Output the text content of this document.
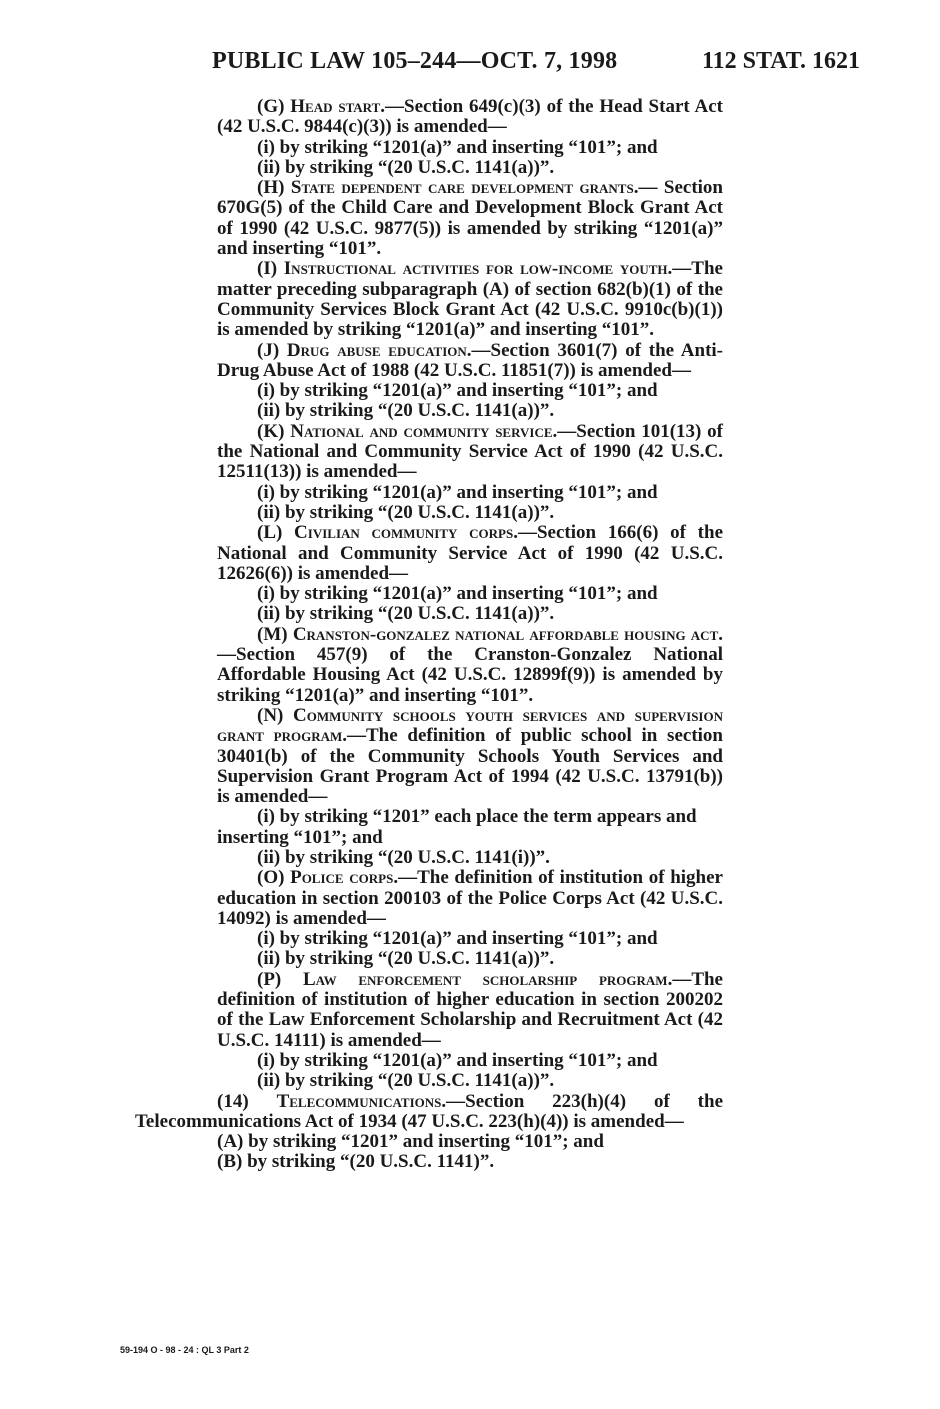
PUBLIC LAW 105–244—OCT. 7, 1998	112 STAT. 1621

(G) Head start.—Section 649(c)(3) of the Head Start Act (42 U.S.C. 9844(c)(3)) is amended—

(i) by striking “1201(a)” and inserting “101”; and

(ii) by striking “(20 U.S.C. 1141(a))”.

(H) State dependent care development grants.— Section 670G(5) of the Child Care and Development Block Grant Act of 1990 (42 U.S.C. 9877(5)) is amended by striking “1201(a)” and inserting “101”.

(I) Instructional activities for low-income youth.—The matter preceding subparagraph (A) of section 682(b)(1) of the Community Services Block Grant Act (42 U.S.C. 9910c(b)(1)) is amended by striking “1201(a)” and inserting “101”.

(J) Drug abuse education.—Section 3601(7) of the Anti-Drug Abuse Act of 1988 (42 U.S.C. 11851(7)) is amended—

(i) by striking “1201(a)” and inserting “101”; and

(ii) by striking “(20 U.S.C. 1141(a))”.

(K) National and community service.—Section 101(13) of the National and Community Service Act of 1990 (42 U.S.C. 12511(13)) is amended—

(i) by striking “1201(a)” and inserting “101”; and

(ii) by striking “(20 U.S.C. 1141(a))”.

(L) Civilian community corps.—Section 166(6) of the National and Community Service Act of 1990 (42 U.S.C. 12626(6)) is amended—

(i) by striking “1201(a)” and inserting “101”; and

(ii) by striking “(20 U.S.C. 1141(a))”.

(M) Cranston-gonzalez national affordable housing act.—Section 457(9) of the Cranston-Gonzalez National Affordable Housing Act (42 U.S.C. 12899f(9)) is amended by striking “1201(a)” and inserting “101”.

(N) Community schools youth services and supervision grant program.—The definition of public school in section 30401(b) of the Community Schools Youth Services and Supervision Grant Program Act of 1994 (42 U.S.C. 13791(b)) is amended—

(i) by striking “1201” each place the term appears and inserting “101”; and

(ii) by striking “(20 U.S.C. 1141(i))”.

(O) Police corps.—The definition of institution of higher education in section 200103 of the Police Corps Act (42 U.S.C. 14092) is amended—

(i) by striking “1201(a)” and inserting “101”; and

(ii) by striking “(20 U.S.C. 1141(a))”.

(P) Law enforcement scholarship program.—The definition of institution of higher education in section 200202 of the Law Enforcement Scholarship and Recruitment Act (42 U.S.C. 14111) is amended—

(i) by striking “1201(a)” and inserting “101”; and

(ii) by striking “(20 U.S.C. 1141(a))”.

(14) Telecommunications.—Section 223(h)(4) of the Telecommunications Act of 1934 (47 U.S.C. 223(h)(4)) is amended—

(A) by striking “1201” and inserting “101”; and

(B) by striking “(20 U.S.C. 1141)”.

59-194 O - 98 - 24 : QL 3 Part 2
